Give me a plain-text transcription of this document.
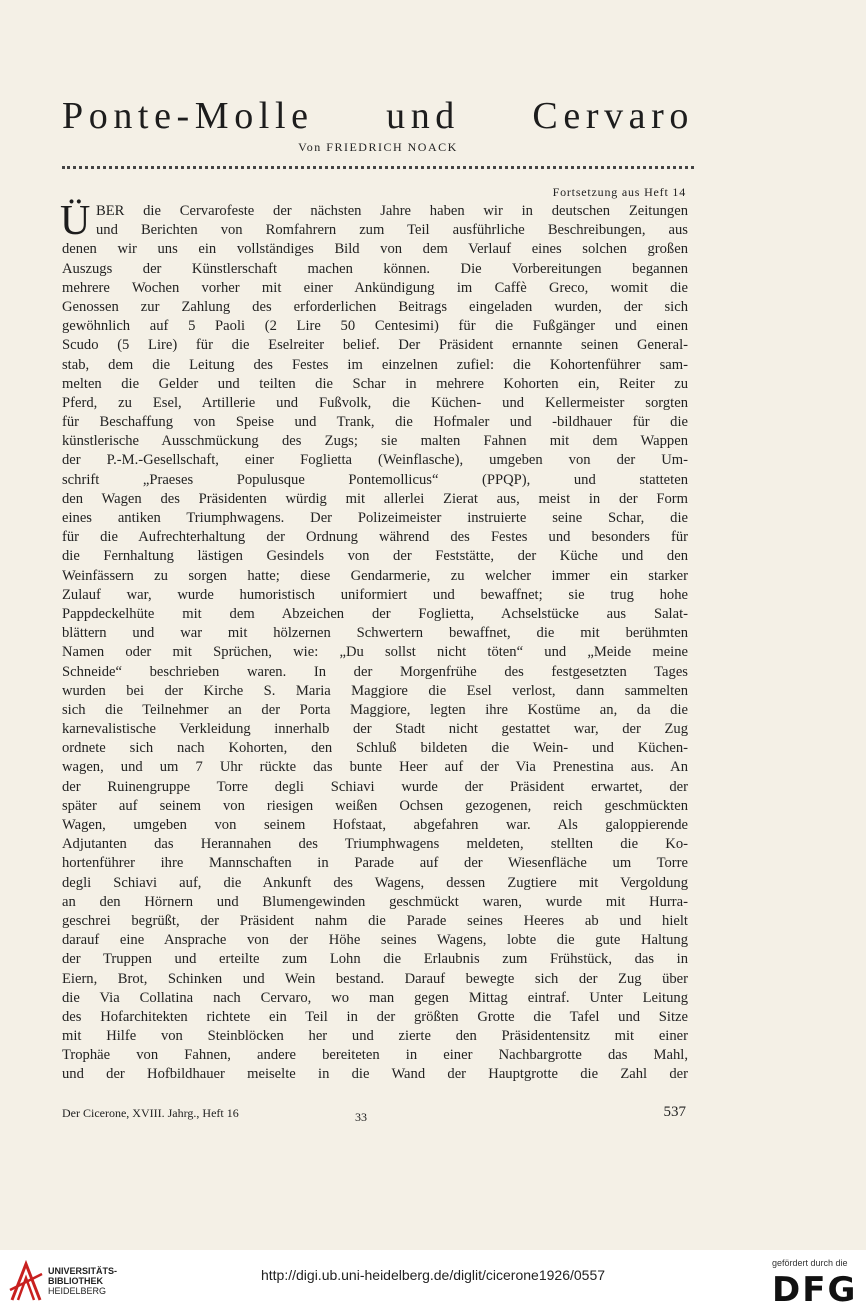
Ponte-Molle und Cervaro
Von FRIEDRICH NOACK
Fortsetzung aus Heft 14
Ü BER die Cervarofeste der nächsten Jahre haben wir in deutschen Zeitungen
und Berichten von Romfahrern zum Teil ausführliche Beschreibungen, aus
denen wir uns ein vollständiges Bild von dem Verlauf eines solchen großen
Auszugs der Künstlerschaft machen können. Die Vorbereitungen begannen
mehrere Wochen vorher mit einer Ankündigung im Caffè Greco, womit die
Genossen zur Zahlung des erforderlichen Beitrags eingeladen wurden, der sich
gewöhnlich auf 5 Paoli (2 Lire 50 Centesimi) für die Fußgänger und einen
Scudo (5 Lire) für die Eselreiter belief. Der Präsident ernannte seinen General-
stab, dem die Leitung des Festes im einzelnen zufiel: die Kohortenführer sam-
melten die Gelder und teilten die Schar in mehrere Kohorten ein, Reiter zu
Pferd, zu Esel, Artillerie und Fußvolk, die Küchen- und Kellermeister sorgten
für Beschaffung von Speise und Trank, die Hofmaler und -bildhauer für die
künstlerische Ausschmückung des Zugs; sie malten Fahnen mit dem Wappen
der P.-M.-Gesellschaft, einer Foglietta (Weinflasche), umgeben von der Um-
schrift „Praeses Populusque Pontemollicus“ (PPQP), und statteten
den Wagen des Präsidenten würdig mit allerlei Zierat aus, meist in der Form
eines antiken Triumphwagens. Der Polizeimeister instruierte seine Schar, die
für die Aufrechterhaltung der Ordnung während des Festes und besonders für
die Fernhaltung lästigen Gesindels von der Feststätte, der Küche und den
Weinfässern zu sorgen hatte; diese Gendarmerie, zu welcher immer ein starker
Zulauf war, wurde humoristisch uniformiert und bewaffnet; sie trug hohe
Pappdeckelhüte mit dem Abzeichen der Foglietta, Achselstücke aus Salat-
blättern und war mit hölzernen Schwertern bewaffnet, die mit berühmten
Namen oder mit Sprüchen, wie: „Du sollst nicht töten“ und „Meide meine
Schneide“ beschrieben waren. In der Morgenfrühe des festgesetzten Tages
wurden bei der Kirche S. Maria Maggiore die Esel verlost, dann sammelten
sich die Teilnehmer an der Porta Maggiore, legten ihre Kostüme an, da die
karnevalistische Verkleidung innerhalb der Stadt nicht gestattet war, der Zug
ordnete sich nach Kohorten, den Schluß bildeten die Wein- und Küchen-
wagen, und um 7 Uhr rückte das bunte Heer auf der Via Prenestina aus. An
der Ruinengruppe Torre degli Schiavi wurde der Präsident erwartet, der
später auf seinem von riesigen weißen Ochsen gezogenen, reich geschmückten
Wagen, umgeben von seinem Hofstaat, abgefahren war. Als galoppierende
Adjutanten das Herannahen des Triumphwagens meldeten, stellten die Ko-
hortenführer ihre Mannschaften in Parade auf der Wiesenfläche um Torre
degli Schiavi auf, die Ankunft des Wagens, dessen Zugtiere mit Vergoldung
an den Hörnern und Blumengewinden geschmückt waren, wurde mit Hurra-
geschrei begrüßt, der Präsident nahm die Parade seines Heeres ab und hielt
darauf eine Ansprache von der Höhe seines Wagens, lobte die gute Haltung
der Truppen und erteilte zum Lohn die Erlaubnis zum Frühstück, das in
Eiern, Brot, Schinken und Wein bestand. Darauf bewegte sich der Zug über
die Via Collatina nach Cervaro, wo man gegen Mittag eintraf. Unter Leitung
des Hofarchitekten richtete ein Teil in der größten Grotte die Tafel und Sitze
mit Hilfe von Steinblöcken her und zierte den Präsidentensitz mit einer
Trophäe von Fahnen, andere bereiteten in einer Nachbargrotte das Mahl,
und der Hofbildhauer meiselte in die Wand der Hauptgrotte die Zahl der
Der Cicerone, XVIII. Jahrg., Heft 16	33	537
UNIVERSITÄTS-
BIBLIOTHEK
HEIDELBERG
http://digi.ub.uni-heidelberg.de/diglit/cicerone1926/0557
gefördert durch die
DFG
